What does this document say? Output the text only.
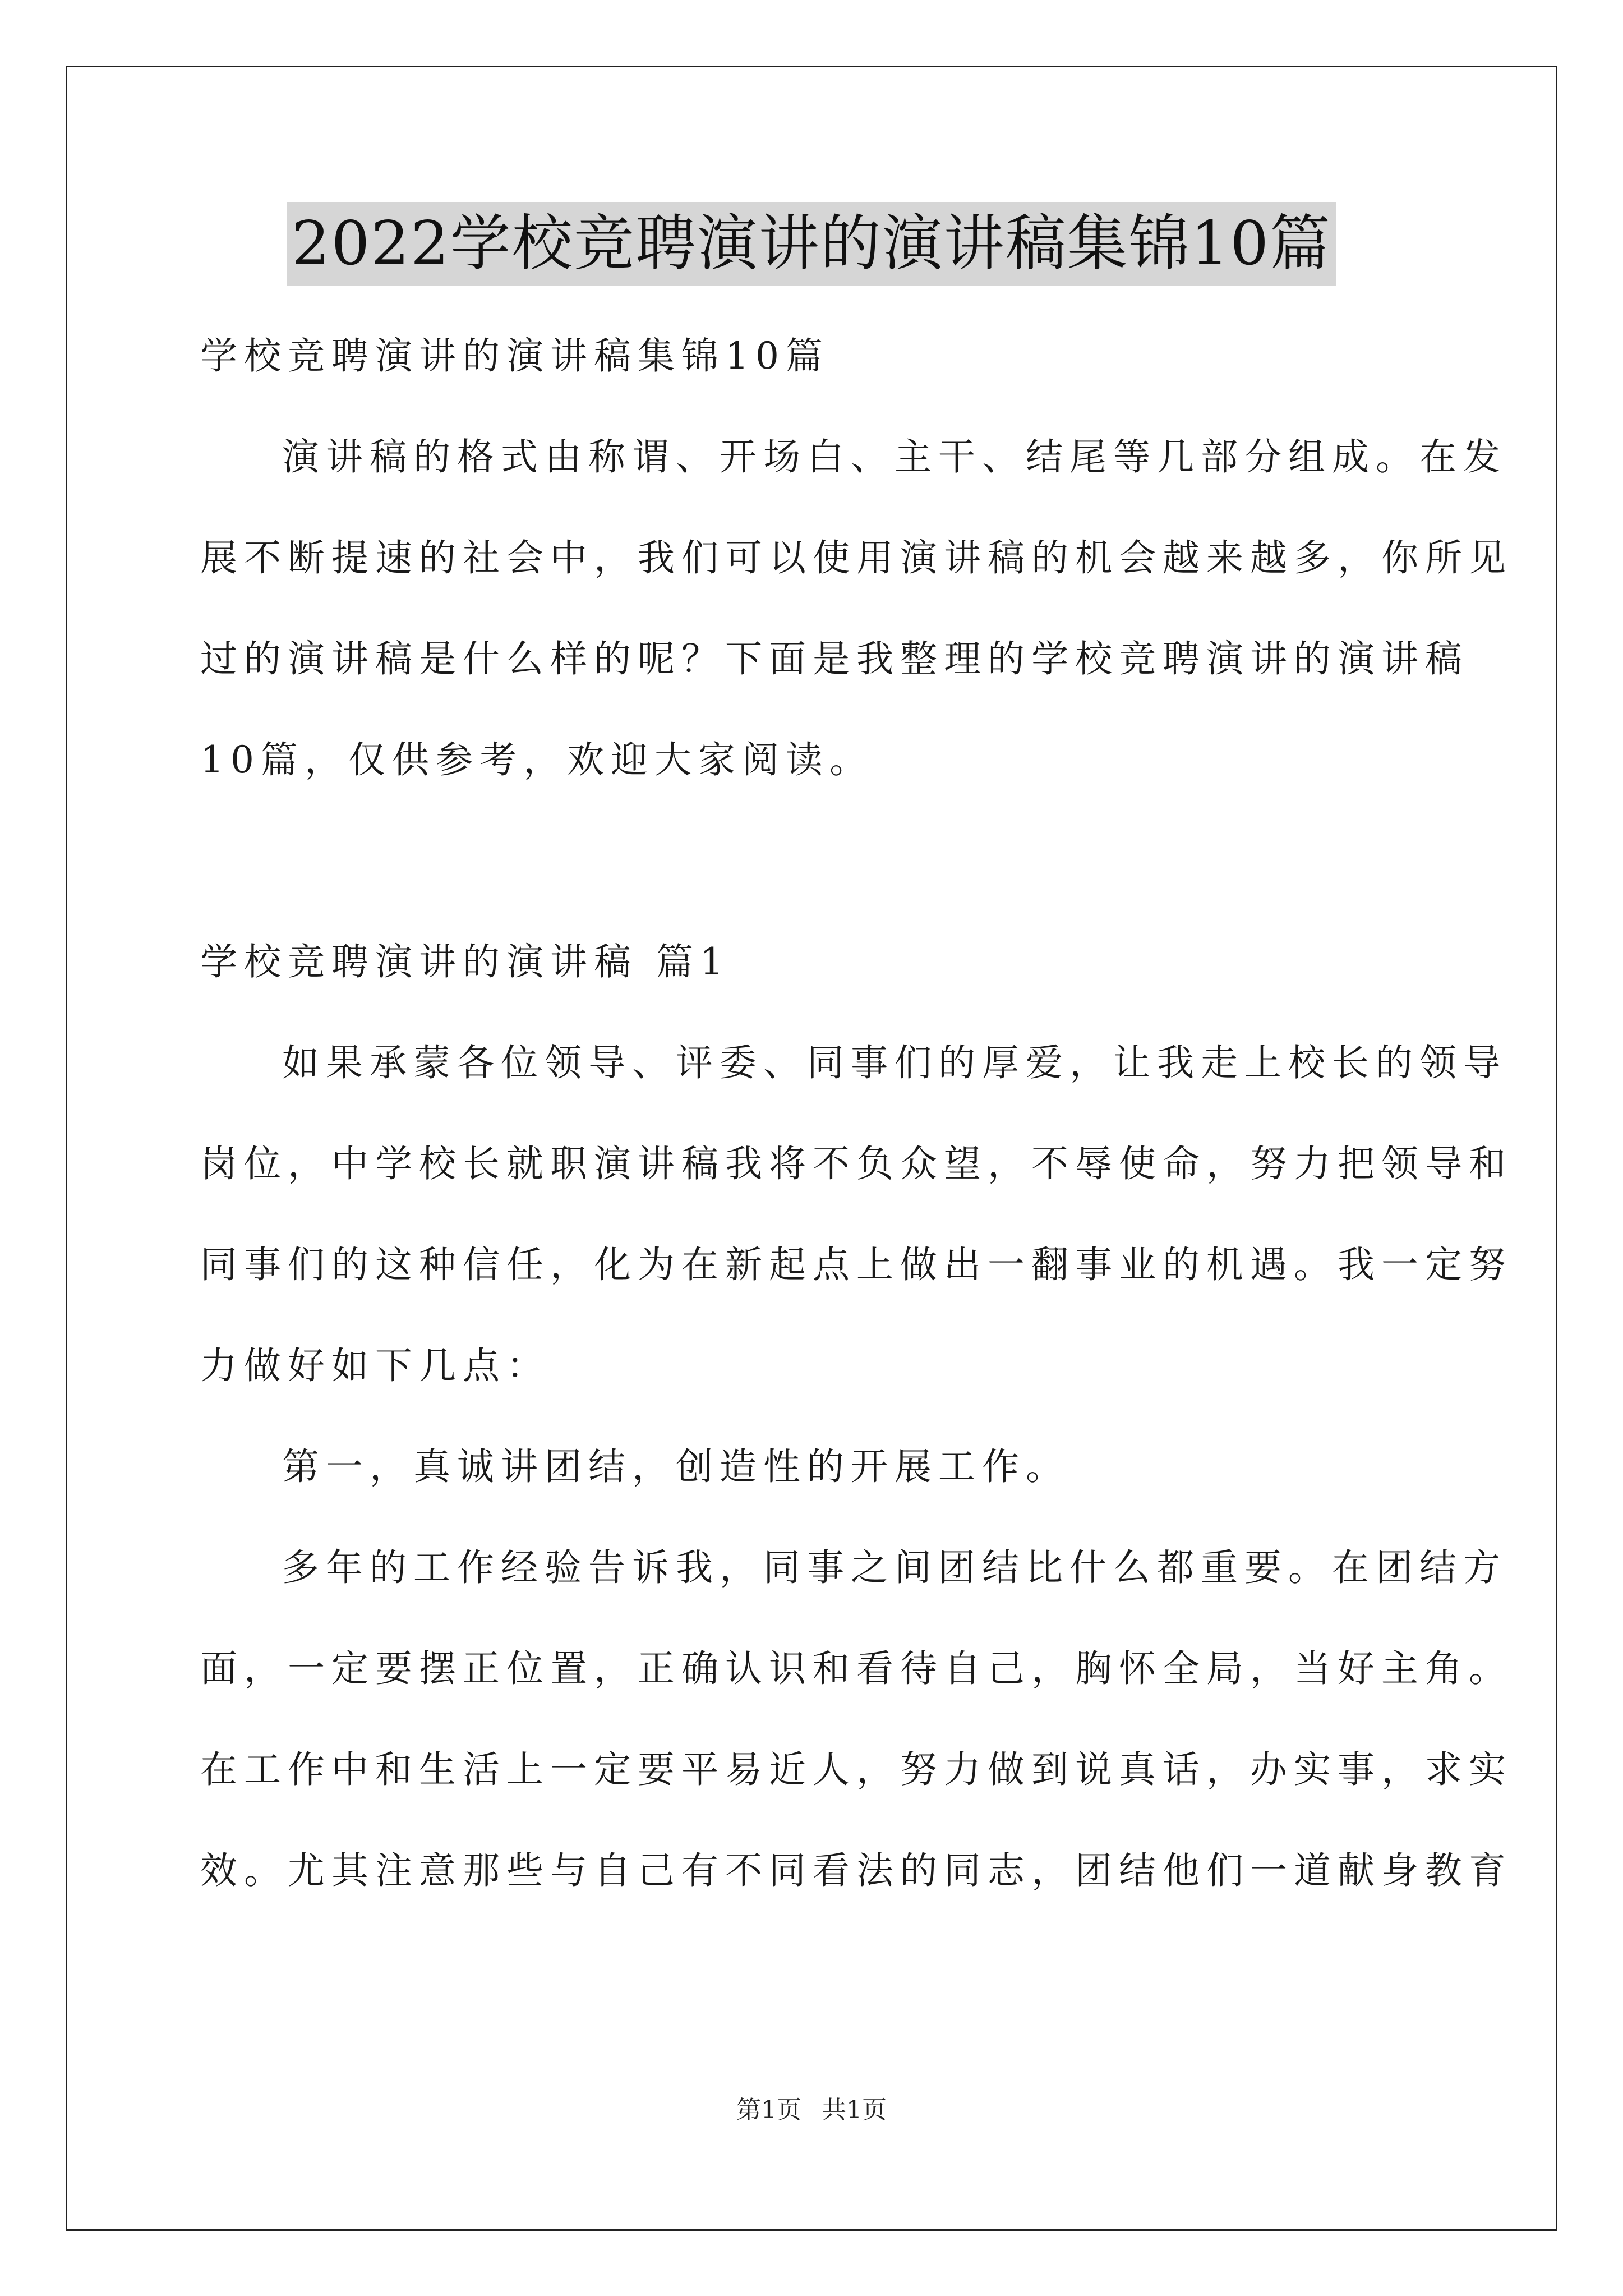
2022学校竞聘演讲的演讲稿集锦10篇
学校竞聘演讲的演讲稿集锦10篇
演讲稿的格式由称谓、开场白、主干、结尾等几部分组成。在发
展不断提速的社会中，我们可以使用演讲稿的机会越来越多，你所见
过的演讲稿是什么样的呢？下面是我整理的学校竞聘演讲的演讲稿
10篇，仅供参考，欢迎大家阅读。
学校竞聘演讲的演讲稿 篇1
如果承蒙各位领导、评委、同事们的厚爱，让我走上校长的领导
岗位，中学校长就职演讲稿我将不负众望，不辱使命，努力把领导和
同事们的这种信任，化为在新起点上做出一翻事业的机遇。我一定努
力做好如下几点：
第一，真诚讲团结，创造性的开展工作。
多年的工作经验告诉我，同事之间团结比什么都重要。在团结方
面，一定要摆正位置，正确认识和看待自己，胸怀全局，当好主角。
在工作中和生活上一定要平易近人，努力做到说真话，办实事，求实
效。尤其注意那些与自己有不同看法的同志，团结他们一道献身教育
第1页 共1页
